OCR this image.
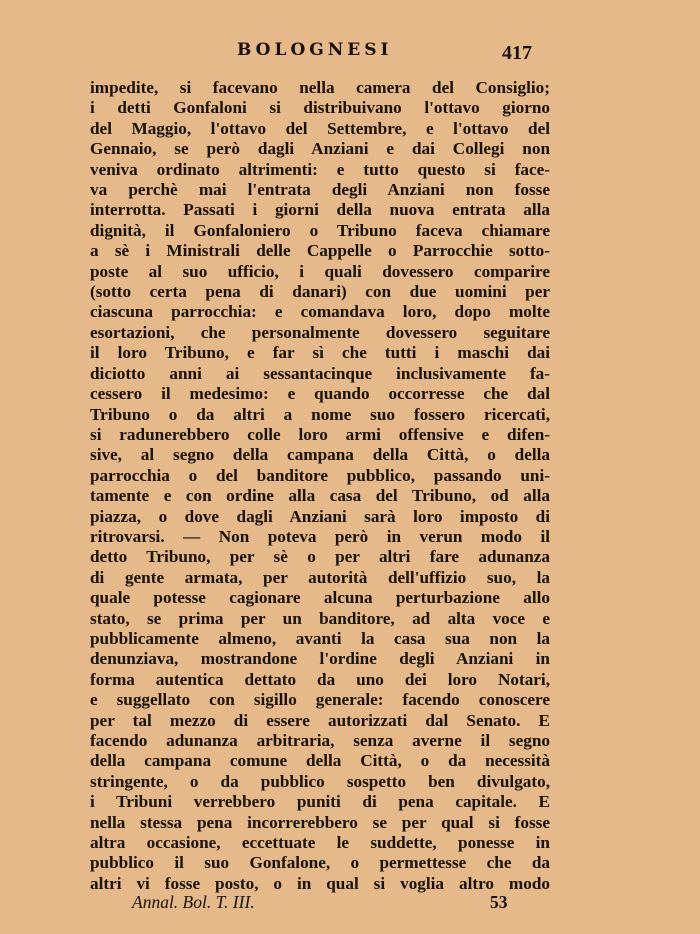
BOLOGNESI	417
impedite, si facevano nella camera del Consiglio;
i detti Gonfaloni si distribuivano l'ottavo giorno
del Maggio, l'ottavo del Settembre, e l'ottavo del
Gennaio, se però dagli Anziani e dai Collegi non
veniva ordinato altrimenti: e tutto questo si face-
va perchè mai l'entrata degli Anziani non fosse
interrotta. Passati i giorni della nuova entrata alla
dignità, il Gonfaloniero o Tribuno faceva chiamare
a sè i Ministrali delle Cappelle o Parrocchie sotto-
poste al suo ufficio, i quali dovessero comparire
(sotto certa pena di danari) con due uomini per
ciascuna parrocchia: e comandava loro, dopo molte
esortazioni, che personalmente dovessero seguitare
il loro Tribuno, e far sì che tutti i maschi dai
diciotto anni ai sessantacinque inclusivamente fa-
cessero il medesimo: e quando occorresse che dal
Tribuno o da altri a nome suo fossero ricercati,
si radunerebbero colle loro armi offensive e difen-
sive, al segno della campana della Città, o della
parrocchia o del banditore pubblico, passando uni-
tamente e con ordine alla casa del Tribuno, od alla
piazza, o dove dagli Anziani sarà loro imposto di
ritrovarsi. — Non poteva però in verun modo il
detto Tribuno, per sè o per altri fare adunanza
di gente armata, per autorità dell'uffizio suo, la
quale potesse cagionare alcuna perturbazione allo
stato, se prima per un banditore, ad alta voce e
pubblicamente almeno, avanti la casa sua non la
denunziava, mostrandone l'ordine degli Anziani in
forma autentica dettato da uno dei loro Notari,
e suggellato con sigillo generale: facendo conoscere
per tal mezzo di essere autorizzati dal Senato. E
facendo adunanza arbitraria, senza averne il segno
della campana comune della Città, o da necessità
stringente, o da pubblico sospetto ben divulgato,
i Tribuni verrebbero puniti di pena capitale. E
nella stessa pena incorrerebbero se per qual si fosse
altra occasione, eccettuate le suddette, ponesse in
pubblico il suo Gonfalone, o permettesse che da
altri vi fosse posto, o in qual si voglia altro modo
Annal. Bol. T. III.	53
